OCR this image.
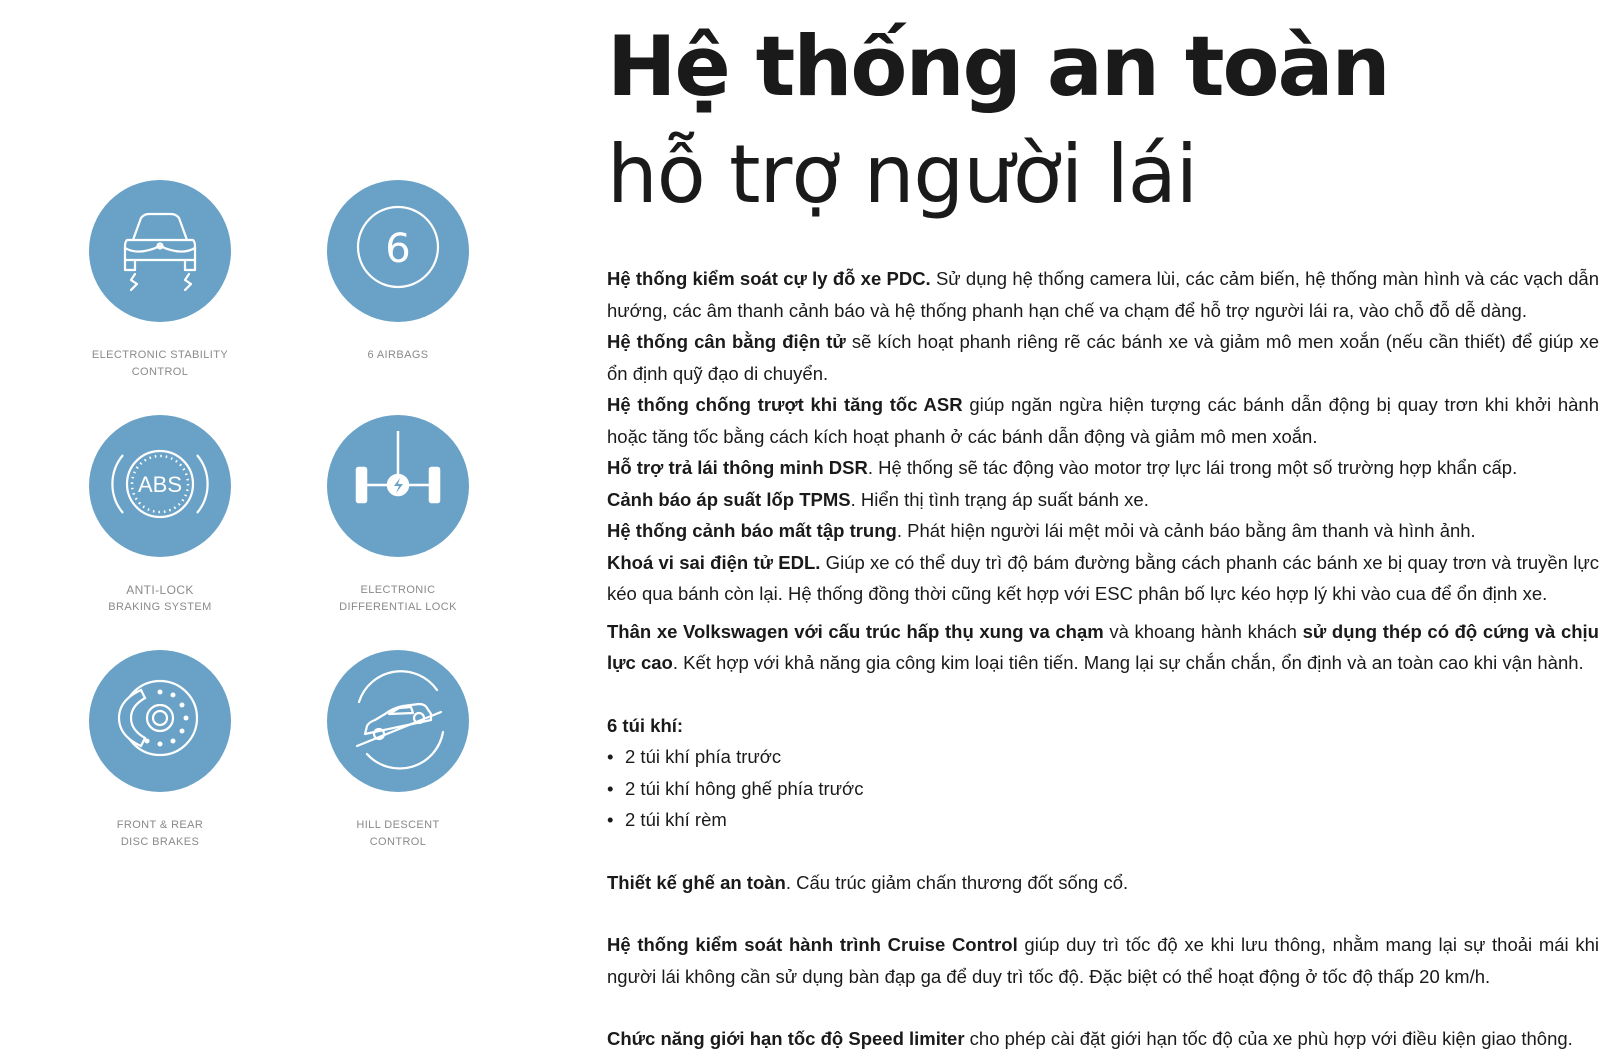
ELECTRONIC STABILITY
CONTROL
6
6 AIRBAGS
ABS
ANTI-LOCK
BRAKING SYSTEM
ELECTRONIC
DIFFERENTIAL LOCK
FRONT & REAR
DISC BRAKES
HILL DESCENT
CONTROL
Hệ thống an toàn
hỗ trợ người lái

Hệ thống kiểm soát cự ly đỗ xe PDC. Sử dụng hệ thống camera lùi, các cảm biến, hệ thống màn hình và các vạch dẫn hướng, các âm thanh cảnh báo và hệ thống phanh hạn chế va chạm để hỗ trợ người lái ra, vào chỗ đỗ dễ dàng.

Hệ thống cân bằng điện tử sẽ kích hoạt phanh riêng rẽ các bánh xe và giảm mô men xoắn (nếu cần thiết) để giúp xe ổn định quỹ đạo di chuyển.

Hệ thống chống trượt khi tăng tốc ASR giúp ngăn ngừa hiện tượng các bánh dẫn động bị quay trơn khi khởi hành hoặc tăng tốc bằng cách kích hoạt phanh ở các bánh dẫn động và giảm mô men xoắn.

Hỗ trợ trả lái thông minh DSR. Hệ thống sẽ tác động vào motor trợ lực lái trong một số trường hợp khẩn cấp.

Cảnh báo áp suất lốp TPMS. Hiển thị tình trạng áp suất bánh xe.

Hệ thống cảnh báo mất tập trung. Phát hiện người lái mệt mỏi và cảnh báo bằng âm thanh và hình ảnh.

Khoá vi sai điện tử EDL. Giúp xe có thể duy trì độ bám đường bằng cách phanh các bánh xe bị quay trơn và truyền lực kéo qua bánh còn lại. Hệ thống đồng thời cũng kết hợp với ESC phân bố lực kéo hợp lý khi vào cua để ổn định xe.

Thân xe Volkswagen với cấu trúc hấp thụ xung va chạm và khoang hành khách sử dụng thép có độ cứng và chịu lực cao. Kết hợp với khả năng gia công kim loại tiên tiến. Mang lại sự chắn chắn, ổn định và an toàn cao khi vận hành.

6 túi khí:

• 2 túi khí phía trước
• 2 túi khí hông ghế phía trước
• 2 túi khí rèm

Thiết kế ghế an toàn. Cấu trúc giảm chấn thương đốt sống cổ.

Hệ thống kiểm soát hành trình Cruise Control giúp duy trì tốc độ xe khi lưu thông, nhằm mang lại sự thoải mái khi người lái không cần sử dụng bàn đạp ga để duy trì tốc độ. Đặc biệt có thể hoạt động ở tốc độ thấp 20 km/h.

Chức năng giới hạn tốc độ Speed limiter cho phép cài đặt giới hạn tốc độ của xe phù hợp với điều kiện giao thông.
